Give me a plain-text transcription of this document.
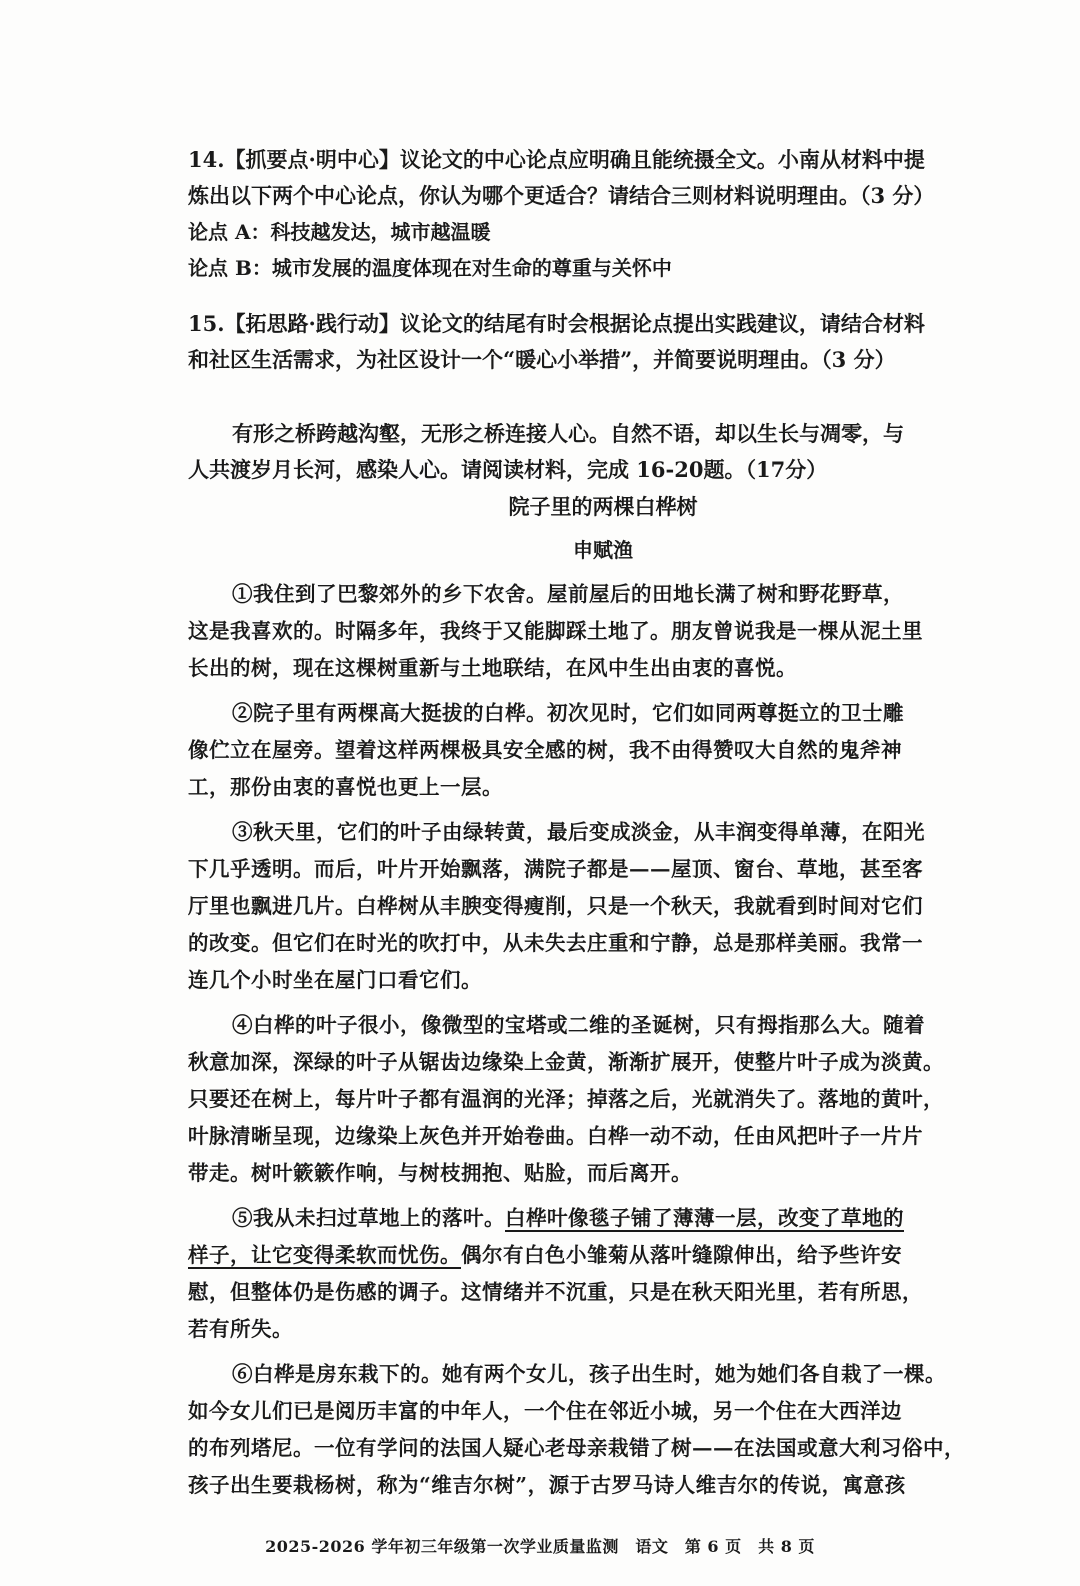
14.【抓要点·明中心】议论文的中心论点应明确且能统摄全文。小南从材料中提
炼出以下两个中心论点，你认为哪个更适合？请结合三则材料说明理由。（3 分）
论点 A：科技越发达，城市越温暖
论点 B：城市发展的温度体现在对生命的尊重与关怀中
15.【拓思路·践行动】议论文的结尾有时会根据论点提出实践建议，请结合材料
和社区生活需求，为社区设计一个“暖心小举措”，并简要说明理由。（3 分）
有形之桥跨越沟壑，无形之桥连接人心。自然不语，却以生长与凋零，与
人共渡岁月长河，感染人心。请阅读材料，完成 16-20题。（17分）
院子里的两棵白桦树
申赋渔

①我住到了巴黎郊外的乡下农舍。屋前屋后的田地长满了树和野花野草，
这是我喜欢的。时隔多年，我终于又能脚踩土地了。朋友曾说我是一棵从泥土里
长出的树，现在这棵树重新与土地联结，在风中生出由衷的喜悦。

②院子里有两棵高大挺拔的白桦。初次见时，它们如同两尊挺立的卫士雕
像伫立在屋旁。望着这样两棵极具安全感的树，我不由得赞叹大自然的鬼斧神
工，那份由衷的喜悦也更上一层。

③秋天里，它们的叶子由绿转黄，最后变成淡金，从丰润变得单薄，在阳光
下几乎透明。而后，叶片开始飘落，满院子都是——屋顶、窗台、草地，甚至客
厅里也飘进几片。白桦树从丰腴变得瘦削，只是一个秋天，我就看到时间对它们
的改变。但它们在时光的吹打中，从未失去庄重和宁静，总是那样美丽。我常一
连几个小时坐在屋门口看它们。

④白桦的叶子很小，像微型的宝塔或二维的圣诞树，只有拇指那么大。随着
秋意加深，深绿的叶子从锯齿边缘染上金黄，渐渐扩展开，使整片叶子成为淡黄。
只要还在树上，每片叶子都有温润的光泽；掉落之后，光就消失了。落地的黄叶，
叶脉清晰呈现，边缘染上灰色并开始卷曲。白桦一动不动，任由风把叶子一片片
带走。树叶簌簌作响，与树枝拥抱、贴脸，而后离开。

⑤我从未扫过草地上的落叶。白桦叶像毯子铺了薄薄一层，改变了草地的
样子，让它变得柔软而忧伤。偶尔有白色小雏菊从落叶缝隙伸出，给予些许安
慰，但整体仍是伤感的调子。这情绪并不沉重，只是在秋天阳光里，若有所思，
若有所失。

⑥白桦是房东栽下的。她有两个女儿，孩子出生时，她为她们各自栽了一棵。
如今女儿们已是阅历丰富的中年人，一个住在邻近小城，另一个住在大西洋边
的布列塔尼。一位有学问的法国人疑心老母亲栽错了树——在法国或意大利习俗中，
孩子出生要栽杨树，称为“维吉尔树”，源于古罗马诗人维吉尔的传说，寓意孩

2025-2026 学年初三年级第一次学业质量监测　语文　第 6 页　共 8 页
